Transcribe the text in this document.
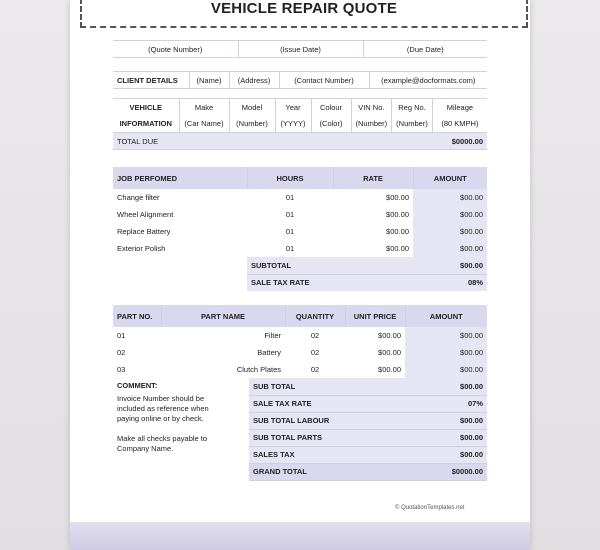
VEHICLE REPAIR QUOTE
(Quote Number)	(Issue Date)	(Due Date)
CLIENT DETAILS	(Name)	(Address)	(Contact Number)	(example@docformats.com)
VEHICLE	Make	Model	Year	Colour	VIN No.	Reg No.	Mileage
INFORMATION	(Car Name)	(Number)	(YYYY)	(Color)	(Number)	(Number)	(80 KMPH)
TOTAL DUE							$0000.00
JOB PERFOMED	HOURS	RATE	AMOUNT
Change filter	01	$00.00	$00.00
Wheel Alignment	01	$00.00	$00.00
Replace Battery	01	$00.00	$00.00
Exterior Polish	01	$00.00	$00.00
	SUBTOTAL		$00.00
	SALE TAX RATE		08%
PART NO.	PART NAME	QUANTITY	UNIT PRICE	AMOUNT
01	Filter	02	$00.00	$00.00
02	Battery	02	$00.00	$00.00
03	Clutch Plates	02	$00.00	$00.00
COMMENT:
Invoice Number should be
included as reference when
paying online or by check.
Make all checks payable to
Company Name.
SUB TOTAL	$00.00
SALE TAX RATE	07%
SUB TOTAL LABOUR	$00.00
SUB TOTAL PARTS	$00.00
SALES TAX	$00.00
GRAND TOTAL	$0000.00
© QuotationTemplates.net
